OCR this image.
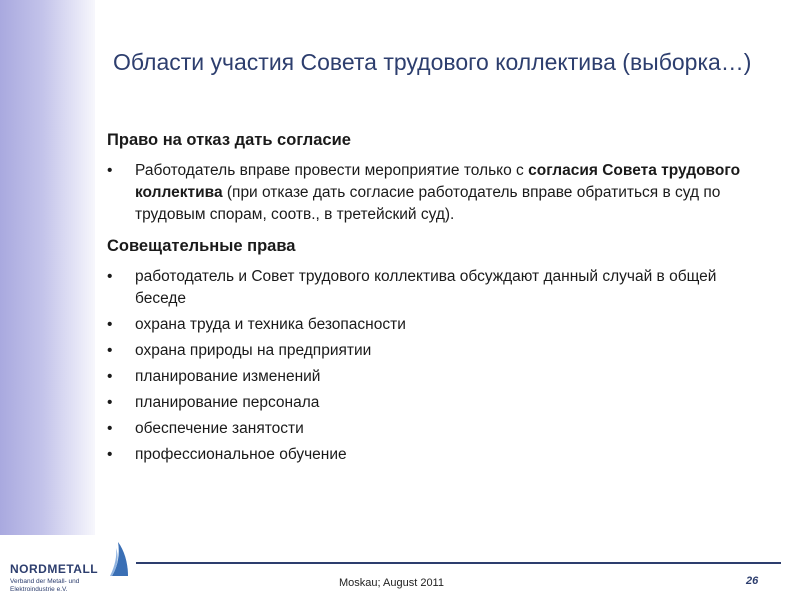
Области участия Совета трудового коллектива (выборка…)
Право на отказ дать согласие
• Работодатель вправе провести мероприятие только с согласия Совета трудового коллектива (при отказе дать согласие работодатель вправе обратиться в суд по трудовым спорам, соотв., в третейский суд).
Совещательные права
• работодатель и Совет трудового коллектива обсуждают данный случай в общей беседе
• охрана труда и техника безопасности
• охрана природы на предприятии
• планирование изменений
• планирование персонала
• обеспечение занятости
• профессиональное обучение
NORDMETALL
Verband der Metall- und Elektroindustrie e.V.
Moskau; August 2011	26
